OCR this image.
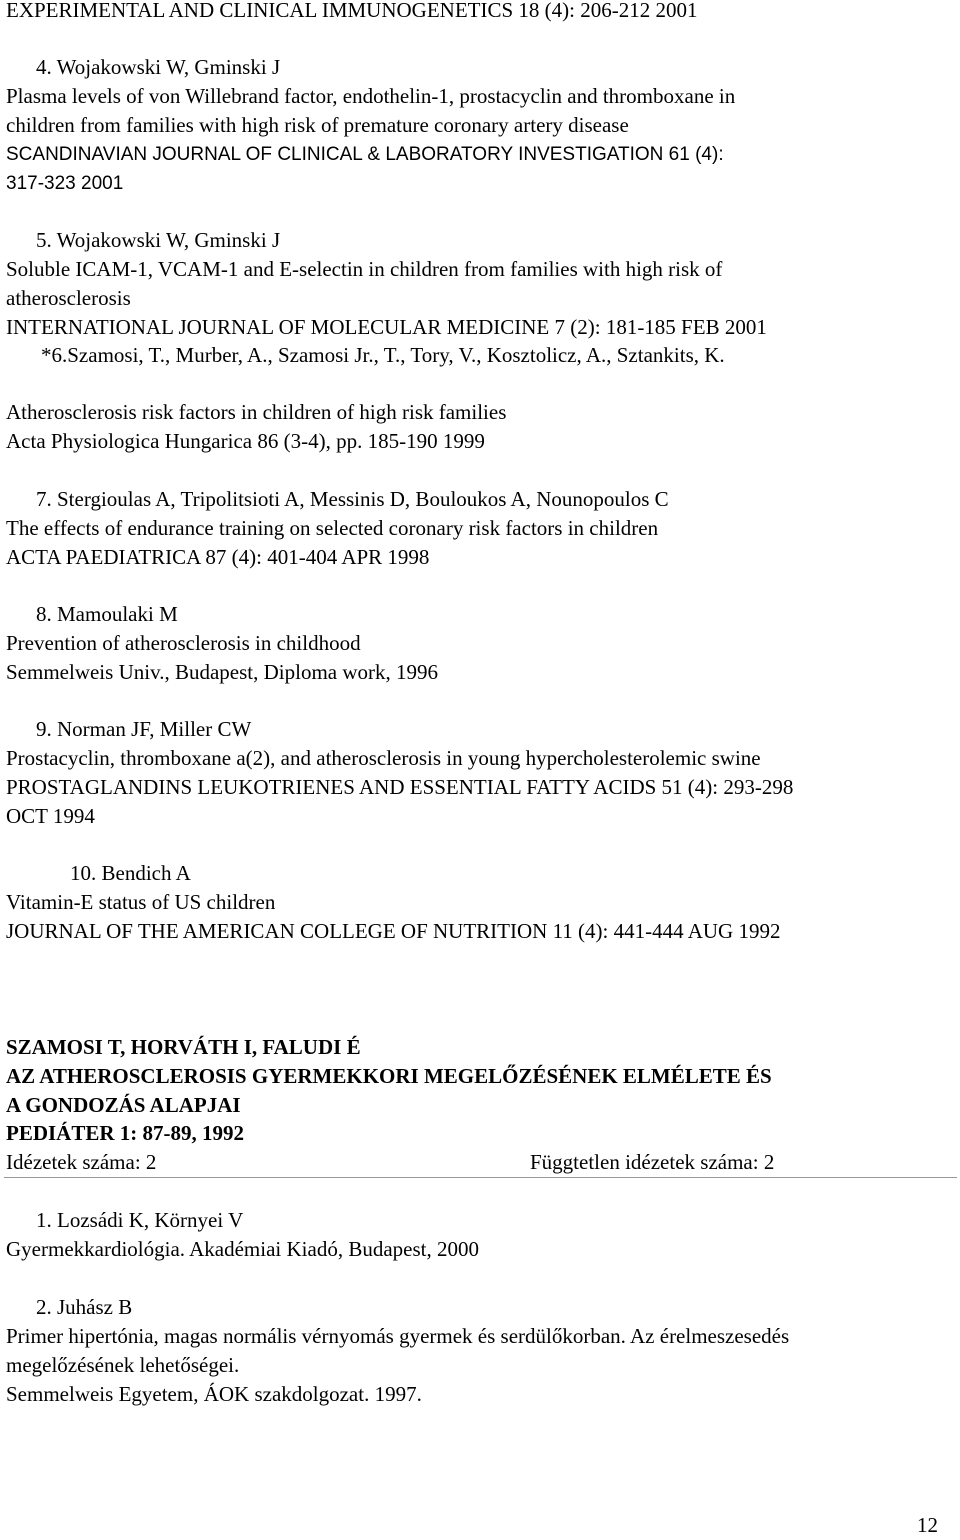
EXPERIMENTAL AND CLINICAL IMMUNOGENETICS 18 (4): 206-212 2001
4. Wojakowski W, Gminski J
Plasma levels of von Willebrand factor, endothelin-1, prostacyclin and thromboxane in
children from families with high risk of premature coronary artery disease
SCANDINAVIAN JOURNAL OF CLINICAL & LABORATORY INVESTIGATION 61 (4):
317-323 2001
5. Wojakowski W, Gminski J
Soluble ICAM-1, VCAM-1 and E-selectin in children from families with high risk of
atherosclerosis
INTERNATIONAL JOURNAL OF MOLECULAR MEDICINE 7 (2): 181-185 FEB 2001
*6.Szamosi, T., Murber, A., Szamosi Jr., T., Tory, V., Kosztolicz, A., Sztankits, K.
Atherosclerosis risk factors in children of high risk families
Acta Physiologica Hungarica 86 (3-4), pp. 185-190 1999
7. Stergioulas A, Tripolitsioti A, Messinis D, Bouloukos A, Nounopoulos C
The effects of endurance training on selected coronary risk factors in children
ACTA PAEDIATRICA 87 (4): 401-404 APR 1998
8. Mamoulaki M
Prevention of atherosclerosis in childhood
Semmelweis Univ., Budapest, Diploma work, 1996
9. Norman JF, Miller CW
Prostacyclin, thromboxane a(2), and atherosclerosis in young hypercholesterolemic swine
PROSTAGLANDINS LEUKOTRIENES AND ESSENTIAL FATTY ACIDS 51 (4): 293-298
OCT 1994
10. Bendich A
Vitamin-E status of US children
JOURNAL OF THE AMERICAN COLLEGE OF NUTRITION 11 (4): 441-444 AUG 1992
SZAMOSI T, HORVÁTH I, FALUDI É
AZ ATHEROSCLEROSIS GYERMEKKORI MEGELŐZÉSÉNEK ELMÉLETE ÉS
A GONDOZÁS ALAPJAI
PEDIÁTER 1: 87-89, 1992
Idézetek száma: 2	Függtetlen idézetek száma: 2
1. Lozsádi K, Környei V
Gyermekkardiológia. Akadémiai Kiadó, Budapest, 2000
2. Juhász B
Primer hipertónia, magas normális vérnyomás gyermek és serdülőkorban. Az érelmeszesedés
megelőzésének lehetőségei.
Semmelweis Egyetem, ÁOK szakdolgozat. 1997.
12
